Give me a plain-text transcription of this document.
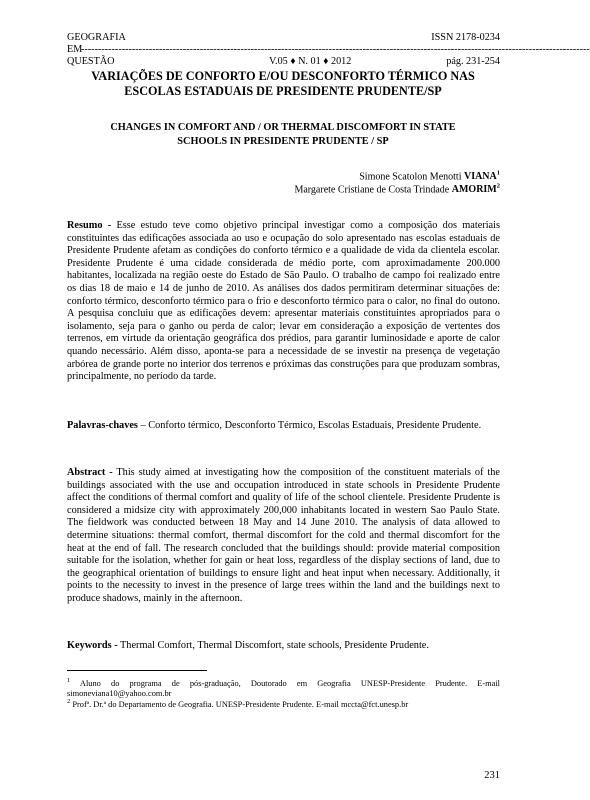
GEOGRAFIA	ISSN 2178-0234
EM
------------------------------------------------------------------------------------------------------------------------------------------------------
QUESTÃO	V.05 ♦ N. 01 ♦ 2012	pág. 231-254
VARIAÇÕES DE CONFORTO E/OU DESCONFORTO TÉRMICO NAS
ESCOLAS ESTADUAIS DE PRESIDENTE PRUDENTE/SP
CHANGES IN COMFORT AND / OR THERMAL DISCOMFORT IN STATE
SCHOOLS IN PRESIDENTE PRUDENTE / SP
Simone Scatolon Menotti VIANA$^1$
Margarete Cristiane de Costa Trindade AMORIM$^2$
Resumo - Esse estudo teve como objetivo principal investigar como a composição dos materiais constituintes das edificações associada ao uso e ocupação do solo apresentado nas escolas estaduais de Presidente Prudente afetam as condições do conforto térmico e a qualidade de vida da clientela escolar. Presidente Prudente é uma cidade considerada de médio porte, com aproximadamente 200.000 habitantes, localizada na região oeste do Estado de São Paulo. O trabalho de campo foi realizado entre os dias 18 de maio e 14 de junho de 2010. As análises dos dados permitiram determinar situações de: conforto térmico, desconforto térmico para o frio e desconforto térmico para o calor, no final do outono. A pesquisa concluiu que as edificações devem: apresentar materiais constituintes apropriados para o isolamento, seja para o ganho ou perda de calor; levar em consideração a exposição de vertentes dos terrenos, em virtude da orientação geográfica dos prédios, para garantir luminosidade e aporte de calor quando necessário. Além disso, aponta-se para a necessidade de se investir na presença de vegetação arbórea de grande porte no interior dos terrenos e próximas das construções para que produzam sombras, principalmente, no período da tarde.
Palavras-chaves – Conforto térmico, Desconforto Térmico, Escolas Estaduais, Presidente Prudente.
Abstract - This study aimed at investigating how the composition of the constituent materials of the buildings associated with the use and occupation introduced in state schools in Presidente Prudente affect the conditions of thermal comfort and quality of life of the school clientele. Presidente Prudente is considered a midsize city with approximately 200,000 inhabitants located in western Sao Paulo State. The fieldwork was conducted between 18 May and 14 June 2010. The analysis of data allowed to determine situations: thermal comfort, thermal discomfort for the cold and thermal discomfort for the heat at the end of fall. The research concluded that the buildings should: provide material composition suitable for the isolation, whether for gain or heat loss, regardless of the display sections of land, due to the geographical orientation of buildings to ensure light and heat input when necessary. Additionally, it points to the necessity to invest in the presence of large trees within the land and the buildings next to produce shadows, mainly in the afternoon.
Keywords - Thermal Comfort, Thermal Discomfort, state schools, Presidente Prudente.
$^1$ Aluno do programa de pós-graduação, Doutorado em Geografia UNESP-Presidente Prudente. E-mail simoneviana10@yahoo.com.br
$^2$ Profª. Dr.ª do Departamento de Geografia. UNESP-Presidente Prudente. E-mail mccta@fct.unesp.br
231
